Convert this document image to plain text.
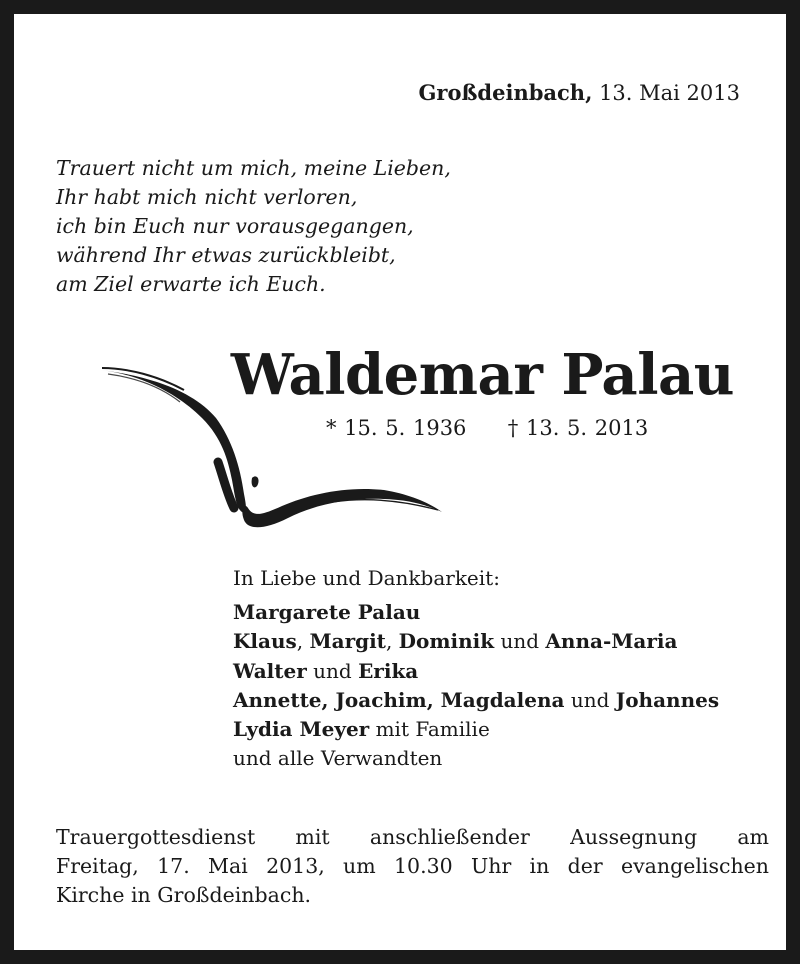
Großdeinbach, 13. Mai 2013
Trauert nicht um mich, meine Lieben,
Ihr habt mich nicht verloren,
ich bin Euch nur vorausgegangen,
während Ihr etwas zurückbleibt,
am Ziel erwarte ich Euch.
Waldemar Palau
* 15. 5. 1936 † 13. 5. 2013
In Liebe und Dankbarkeit:
Margarete Palau
Klaus, Margit, Dominik und Anna-Maria
Walter und Erika
Annette, Joachim, Magdalena und Johannes
Lydia Meyer mit Familie
und alle Verwandten
Trauergottesdienst mit anschließender Aussegnung am
Freitag, 17. Mai 2013, um 10.30 Uhr in der evangelischen
Kirche in Großdeinbach.
